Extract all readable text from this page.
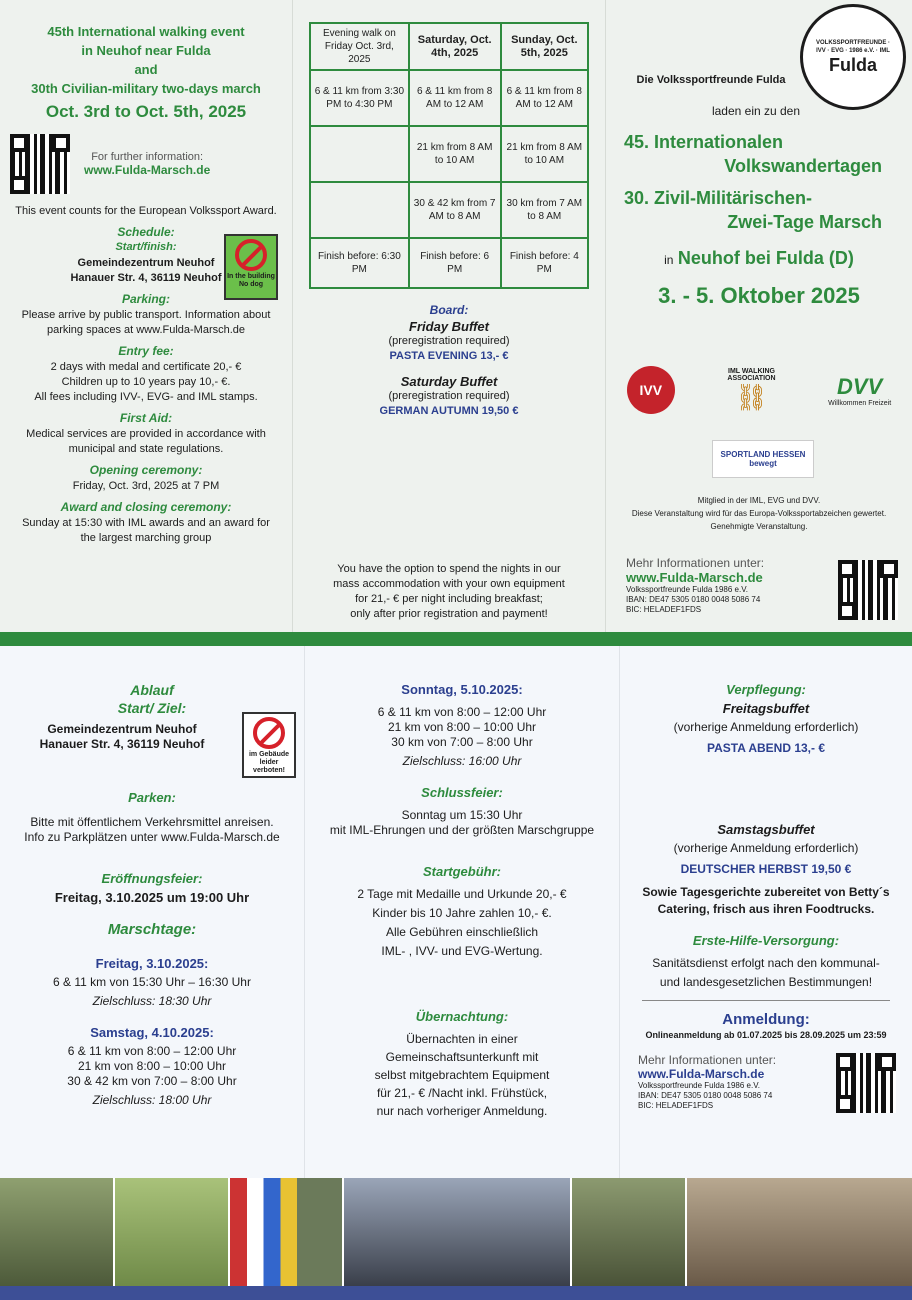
45th International walking event
in Neuhof near Fulda
and
30th Civilian-military two-days march
Oct. 3rd to Oct. 5th, 2025
For further information:
www.Fulda-Marsch.de

This event counts for the European Volkssport Award.

Schedule:
Start/finish:

Gemeindezentrum Neuhof

Hanauer Str. 4, 36119 Neuhof In the building No dog
Parking:

Please arrive by public transport. Information about

parking spaces at www.Fulda-Marsch.de

Entry fee:

2 days with medal and certificate 20,- €

Children up to 10 years pay 10,- €.

All fees including IVV-, EVG- and IML stamps.

First Aid:

Medical services are provided in accordance with

municipal and state regulations.

Opening ceremony:

Friday, Oct. 3rd, 2025 at 7 PM

Award and closing ceremony:

Sunday at 15:30 with IML awards and an award for

the largest marching group

Evening walk on Friday Oct. 3rd, 2025	Saturday, Oct. 4th, 2025	Sunday, Oct. 5th, 2025
6 & 11 km from 3:30 PM to 4:30 PM	6 & 11 km from 8 AM to 12 AM	6 & 11 km from 8 AM to 12 AM
	21 km from 8 AM to 10 AM	21 km from 8 AM to 10 AM
	30 & 42 km from 7 AM to 8 AM	30 km from 7 AM to 8 AM
Finish before: 6:30 PM	Finish before: 6 PM	Finish before: 4 PM
Board:
Friday Buffet

(preregistration required)

PASTA EVENING 13,- €

Saturday Buffet

(preregistration required)

GERMAN AUTUMN 19,50 €

You have the option to spend the nights in our

mass accommodation with your own equipment

for 21,- € per night including breakfast;

only after prior registration and payment!

VOLKSSPORTFREUNDE · IVV · EVG · 1986 e.V. · IML
Fulda
Die Volkssportfreunde Fulda
laden ein zu den
45. Internationalen
Volkswandertagen
30. Zivil-Militärischen-
Zwei-Tage Marsch
in Neuhof bei Fulda (D)
3. - 5. Oktober 2025
IVV
IML WALKING ASSOCIATION
⛓	DVV
Willkommen Freizeit
SPORTLAND HESSEN bewegt
Mitglied in der IML, EVG und DVV.
Diese Veranstaltung wird für das Europa-Volkssportabzeichen gewertet.
Genehmigte Veranstaltung.
Mehr Informationen unter:
www.Fulda-Marsch.de
Volkssportfreunde Fulda 1986 e.V.
IBAN: DE47 5305 0180 0048 5086 74
BIC: HELADEF1FDS
Ablauf
Start/ Ziel:

Gemeindezentrum Neuhof

Hanauer Str. 4, 36119 Neuhof

im Gebäude leider verboten!
Parken:

Bitte mit öffentlichem Verkehrsmittel anreisen.

Info zu Parkplätzen unter www.Fulda-Marsch.de

Eröffnungsfeier:

Freitag, 3.10.2025 um 19:00 Uhr

Marschtage:
Freitag, 3.10.2025:

6 & 11 km von 15:30 Uhr – 16:30 Uhr

Zielschluss: 18:30 Uhr

Samstag, 4.10.2025:

6 & 11 km von 8:00 – 12:00 Uhr

21 km von 8:00 – 10:00 Uhr

30 & 42 km von 7:00 – 8:00 Uhr

Zielschluss: 18:00 Uhr

Sonntag, 5.10.2025:

6 & 11 km von 8:00 – 12:00 Uhr

21 km von 8:00 – 10:00 Uhr

30 km von 7:00 – 8:00 Uhr

Zielschluss: 16:00 Uhr

Schlussfeier:

Sonntag um 15:30 Uhr

mit IML-Ehrungen und der größten Marschgruppe

Startgebühr:

2 Tage mit Medaille und Urkunde 20,- €

Kinder bis 10 Jahre zahlen 10,- €.

Alle Gebühren einschließlich

IML- , IVV- und EVG-Wertung.

Übernachtung:

Übernachten in einer

Gemeinschaftsunterkunft mit

selbst mitgebrachtem Equipment

für 21,- € /Nacht inkl. Frühstück,

nur nach vorheriger Anmeldung.

Verpflegung:
Freitagsbuffet

(vorherige Anmeldung erforderlich)

PASTA ABEND 13,- €

Samstagsbuffet

(vorherige Anmeldung erforderlich)

DEUTSCHER HERBST 19,50 €

Sowie Tagesgerichte zubereitet von Betty´s

Catering, frisch aus ihren Foodtrucks.

Erste-Hilfe-Versorgung:

Sanitätsdienst erfolgt nach den kommunal-

und landesgesetzlichen Bestimmungen!

Anmeldung:

Onlineanmeldung ab 01.07.2025 bis 28.09.2025 um 23:59

Mehr Informationen unter:
www.Fulda-Marsch.de
Volkssportfreunde Fulda 1986 e.V.
IBAN: DE47 5305 0180 0048 5086 74
BIC: HELADEF1FDS
